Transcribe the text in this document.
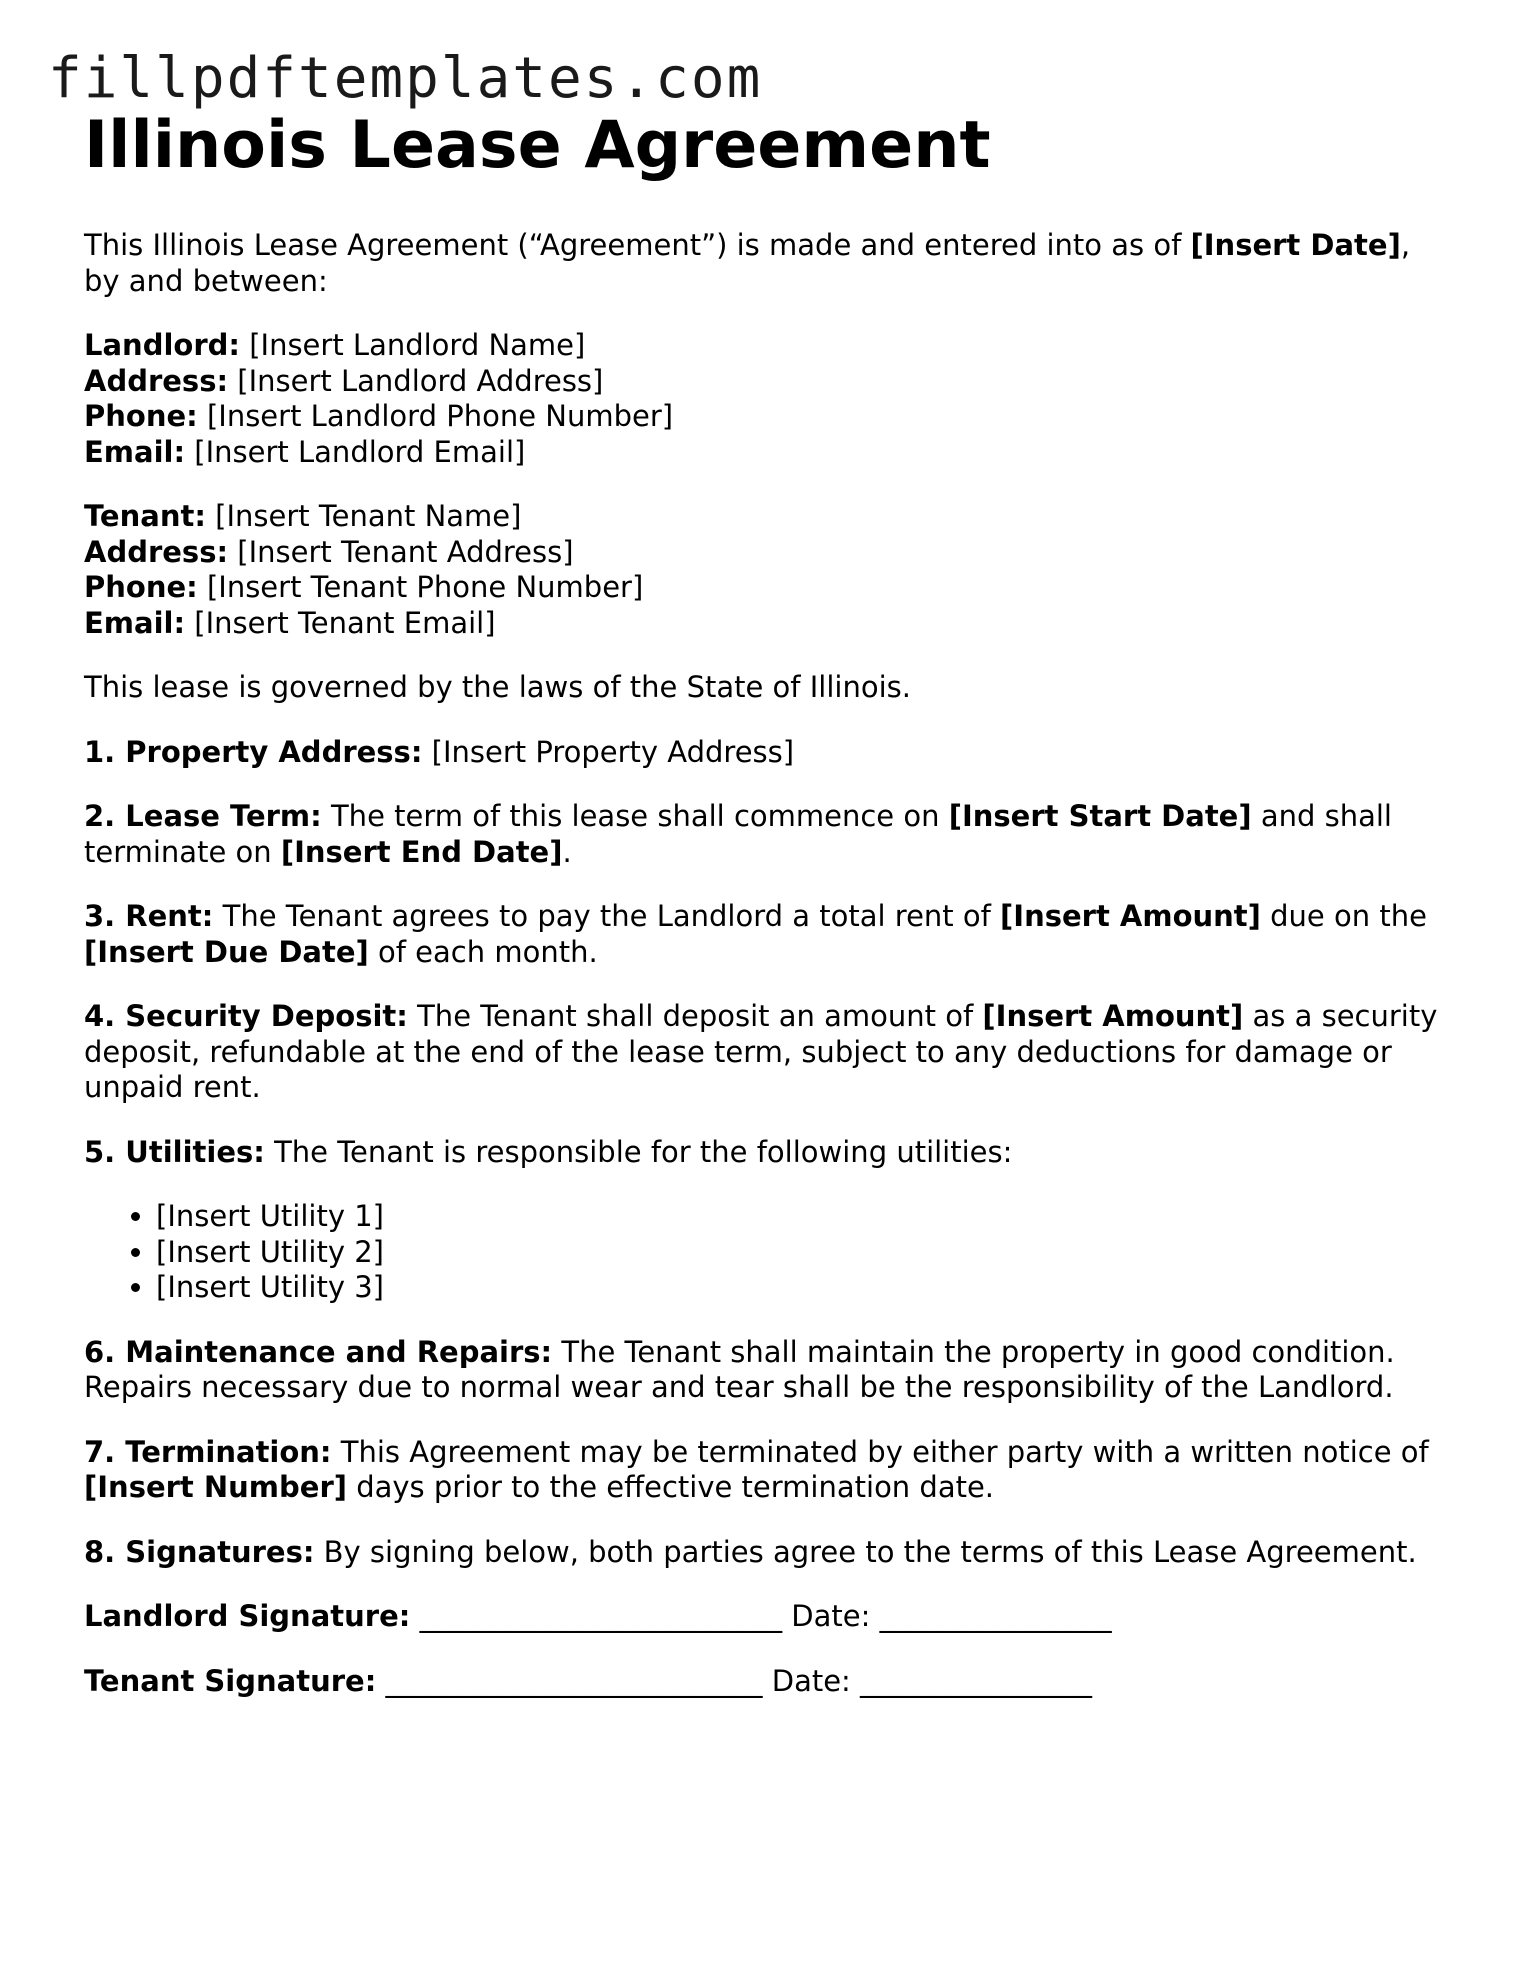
fillpdftemplates.com
Illinois Lease Agreement

This Illinois Lease Agreement (“Agreement”) is made and entered into as of [Insert Date], by and between:

Landlord: [Insert Landlord Name]
Address: [Insert Landlord Address]
Phone: [Insert Landlord Phone Number]
Email: [Insert Landlord Email]
Tenant: [Insert Tenant Name]
Address: [Insert Tenant Address]
Phone: [Insert Tenant Phone Number]
Email: [Insert Tenant Email]

This lease is governed by the laws of the State of Illinois.

1. Property Address: [Insert Property Address]

2. Lease Term: The term of this lease shall commence on [Insert Start Date] and shall terminate on [Insert End Date].

3. Rent: The Tenant agrees to pay the Landlord a total rent of [Insert Amount] due on the [Insert Due Date] of each month.

4. Security Deposit: The Tenant shall deposit an amount of [Insert Amount] as a security deposit, refundable at the end of the lease term, subject to any deductions for damage or unpaid rent.

5. Utilities: The Tenant is responsible for the following utilities:

• [Insert Utility 1]
• [Insert Utility 2]
• [Insert Utility 3]

6. Maintenance and Repairs: The Tenant shall maintain the property in good condition. Repairs necessary due to normal wear and tear shall be the responsibility of the Landlord.

7. Termination: This Agreement may be terminated by either party with a written notice of [Insert Number] days prior to the effective termination date.

8. Signatures: By signing below, both parties agree to the terms of this Lease Agreement.

Landlord Signature: _________________________ Date: ________________

Tenant Signature: __________________________ Date: ________________
